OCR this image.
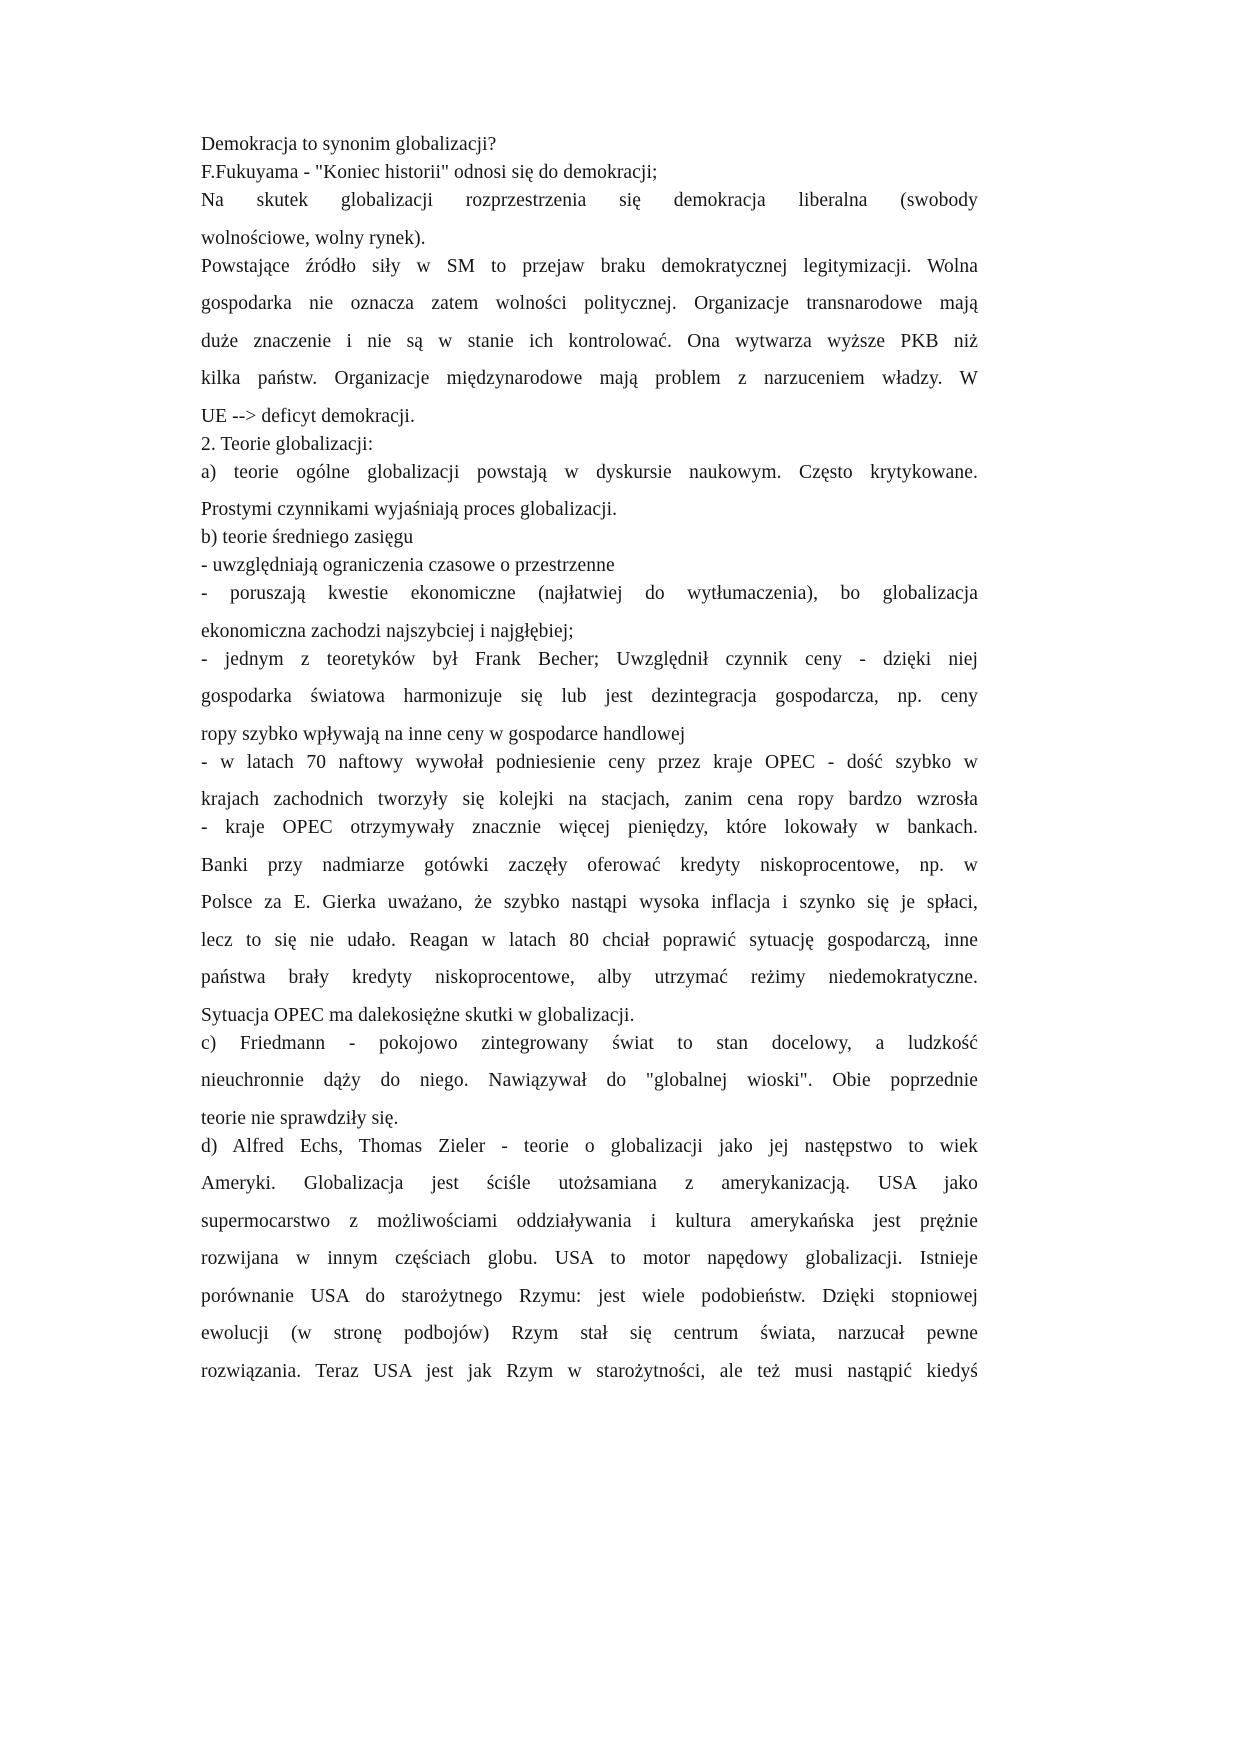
Demokracja to synonim globalizacji?
F.Fukuyama - "Koniec historii" odnosi się do demokracji;
Na skutek globalizacji rozprzestrzenia się demokracja liberalna (swobody
wolnościowe, wolny rynek).
Powstające źródło siły w SM to przejaw braku demokratycznej legitymizacji. Wolna
gospodarka nie oznacza zatem wolności politycznej. Organizacje transnarodowe mają
duże znaczenie i nie są w stanie ich kontrolować. Ona wytwarza wyższe PKB niż
kilka państw. Organizacje międzynarodowe mają problem z narzuceniem władzy. W
UE --> deficyt demokracji.
2. Teorie globalizacji:
a) teorie ogólne globalizacji powstają w dyskursie naukowym. Często krytykowane.
Prostymi czynnikami wyjaśniają proces globalizacji.
b) teorie średniego zasięgu
- uwzględniają ograniczenia czasowe o przestrzenne
- poruszają kwestie ekonomiczne (najłatwiej do wytłumaczenia), bo globalizacja
ekonomiczna zachodzi najszybciej i najgłębiej;
- jednym z teoretyków był Frank Becher; Uwzględnił czynnik ceny - dzięki niej
gospodarka światowa harmonizuje się lub jest dezintegracja gospodarcza, np. ceny
ropy szybko wpływają na inne ceny w gospodarce handlowej
- w latach 70 naftowy wywołał podniesienie ceny przez kraje OPEC - dość szybko w
krajach zachodnich tworzyły się kolejki na stacjach, zanim cena ropy bardzo wzrosła
- kraje OPEC otrzymywały znacznie więcej pieniędzy, które lokowały w bankach.
Banki przy nadmiarze gotówki zaczęły oferować kredyty niskoprocentowe, np. w
Polsce za E. Gierka uważano, że szybko nastąpi wysoka inflacja i szynko się je spłaci,
lecz to się nie udało. Reagan w latach 80 chciał poprawić sytuację gospodarczą, inne
państwa brały kredyty niskoprocentowe, alby utrzymać reżimy niedemokratyczne.
Sytuacja OPEC ma dalekosiężne skutki w globalizacji.
c) Friedmann - pokojowo zintegrowany świat to stan docelowy, a ludzkość
nieuchronnie dąży do niego. Nawiązywał do "globalnej wioski". Obie poprzednie
teorie nie sprawdziły się.
d) Alfred Echs, Thomas Zieler - teorie o globalizacji jako jej następstwo to wiek
Ameryki. Globalizacja jest ściśle utożsamiana z amerykanizacją. USA jako
supermocarstwo z możliwościami oddziaływania i kultura amerykańska jest prężnie
rozwijana w innym częściach globu. USA to motor napędowy globalizacji. Istnieje
porównanie USA do starożytnego Rzymu: jest wiele podobieństw. Dzięki stopniowej
ewolucji (w stronę podbojów) Rzym stał się centrum świata, narzucał pewne
rozwiązania. Teraz USA jest jak Rzym w starożytności, ale też musi nastąpić kiedyś
